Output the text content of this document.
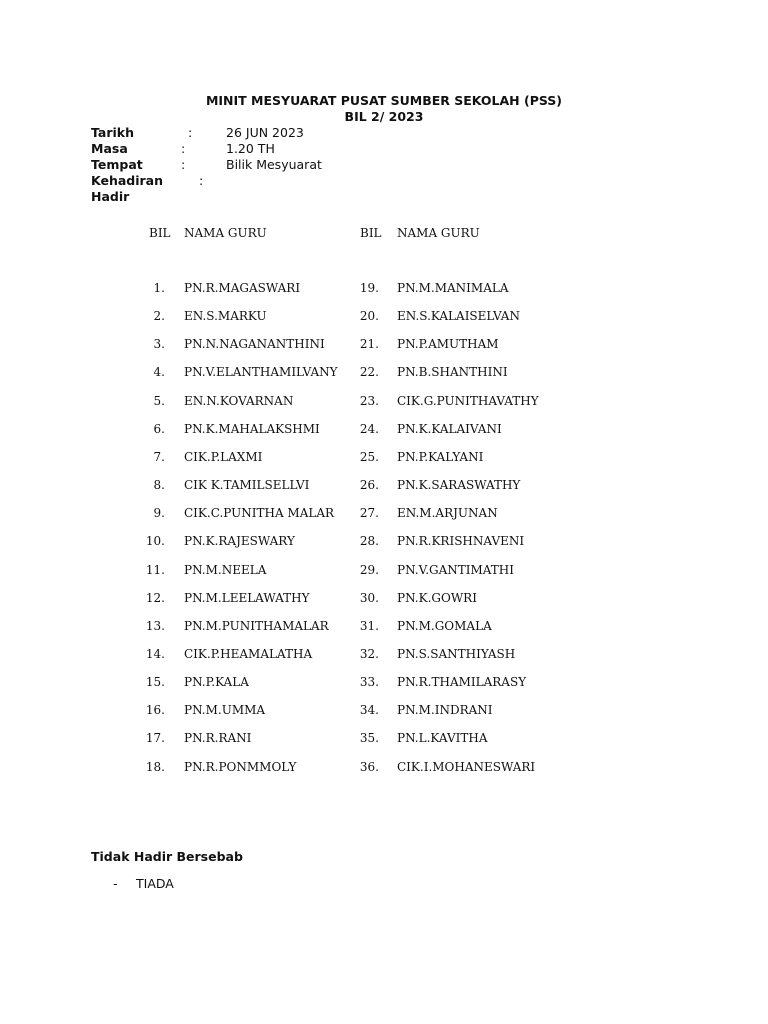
MINIT MESYUARAT PUSAT SUMBER SEKOLAH (PSS)
BIL 2/ 2023
Tarikh	:	26 JUN 2023
Masa	:	1.20 TH
Tempat	:	Bilik Mesyuarat
Kehadiran	:
Hadir
BIL NAMA GURU	BIL NAMA GURU
1. PN.R.MAGASWARI	19. PN.M.MANIMALA
2. EN.S.MARKU	20. EN.S.KALAISELVAN
3. PN.N.NAGANANTHINI	21. PN.P.AMUTHAM
4. PN.V.ELANTHAMILVANY 22. PN.B.SHANTHINI
5. EN.N.KOVARNAN	23. CIK.G.PUNITHAVATHY
6. PN.K.MAHALAKSHMI	24. PN.K.KALAIVANI
7. CIK.P.LAXMI	25. PN.P.KALYANI
8. CIK K.TAMILSELLVI	26. PN.K.SARASWATHY
9. CIK.C.PUNITHA MALAR 27. EN.M.ARJUNAN
10. PN.K.RAJESWARY	28. PN.R.KRISHNAVENI
11. PN.M.NEELA	29. PN.V.GANTIMATHI
12. PN.M.LEELAWATHY	30. PN.K.GOWRI
13. PN.M.PUNITHAMALAR	31. PN.M.GOMALA
14. CIK.P.HEAMALATHA	32. PN.S.SANTHIYASH
15. PN.P.KALA	33. PN.R.THAMILARASY
16. PN.M.UMMA	34. PN.M.INDRANI
17. PN.R.RANI	35. PN.L.KAVITHA
18. PN.R.PONMMOLY	36. CIK.I.MOHANESWARI
Tidak Hadir Bersebab
- TIADA
